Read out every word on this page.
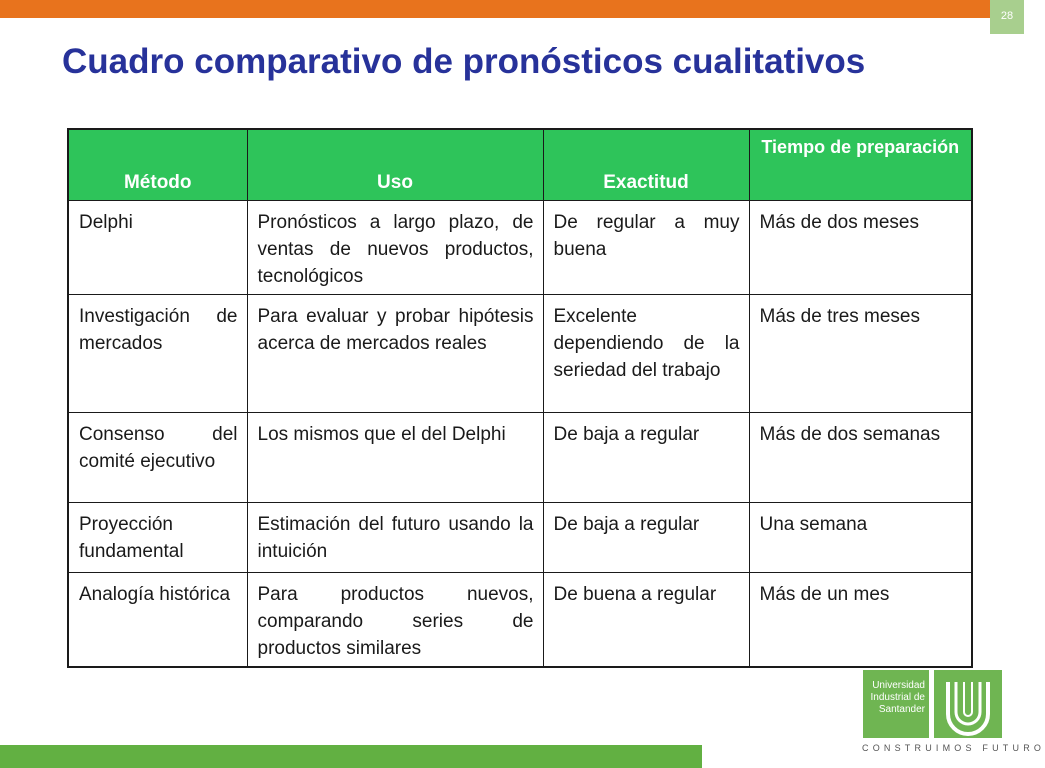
28
Cuadro comparativo de pronósticos cualitativos
Método	Uso	Exactitud	Tiempo de preparación
Delphi	Pronósticos a largo plazo, de ventas de nuevos productos, tecnológicos	De regular a muy buena	Más de dos meses
Investigación de mercados	Para evaluar y probar hipótesis acerca de mercados reales	Excelente dependiendo de la seriedad del trabajo	Más de tres meses
Consenso del comité ejecutivo	Los mismos que el del Delphi	De baja a regular	Más de dos semanas
Proyección fundamental	Estimación del futuro usando la intuición	De baja a regular	Una semana
Analogía histórica	Para productos nuevos, comparando series de productos similares	De buena a regular	Más de un mes
Universidad
Industrial de
Santander
CONSTRUIMOS FUTURO
